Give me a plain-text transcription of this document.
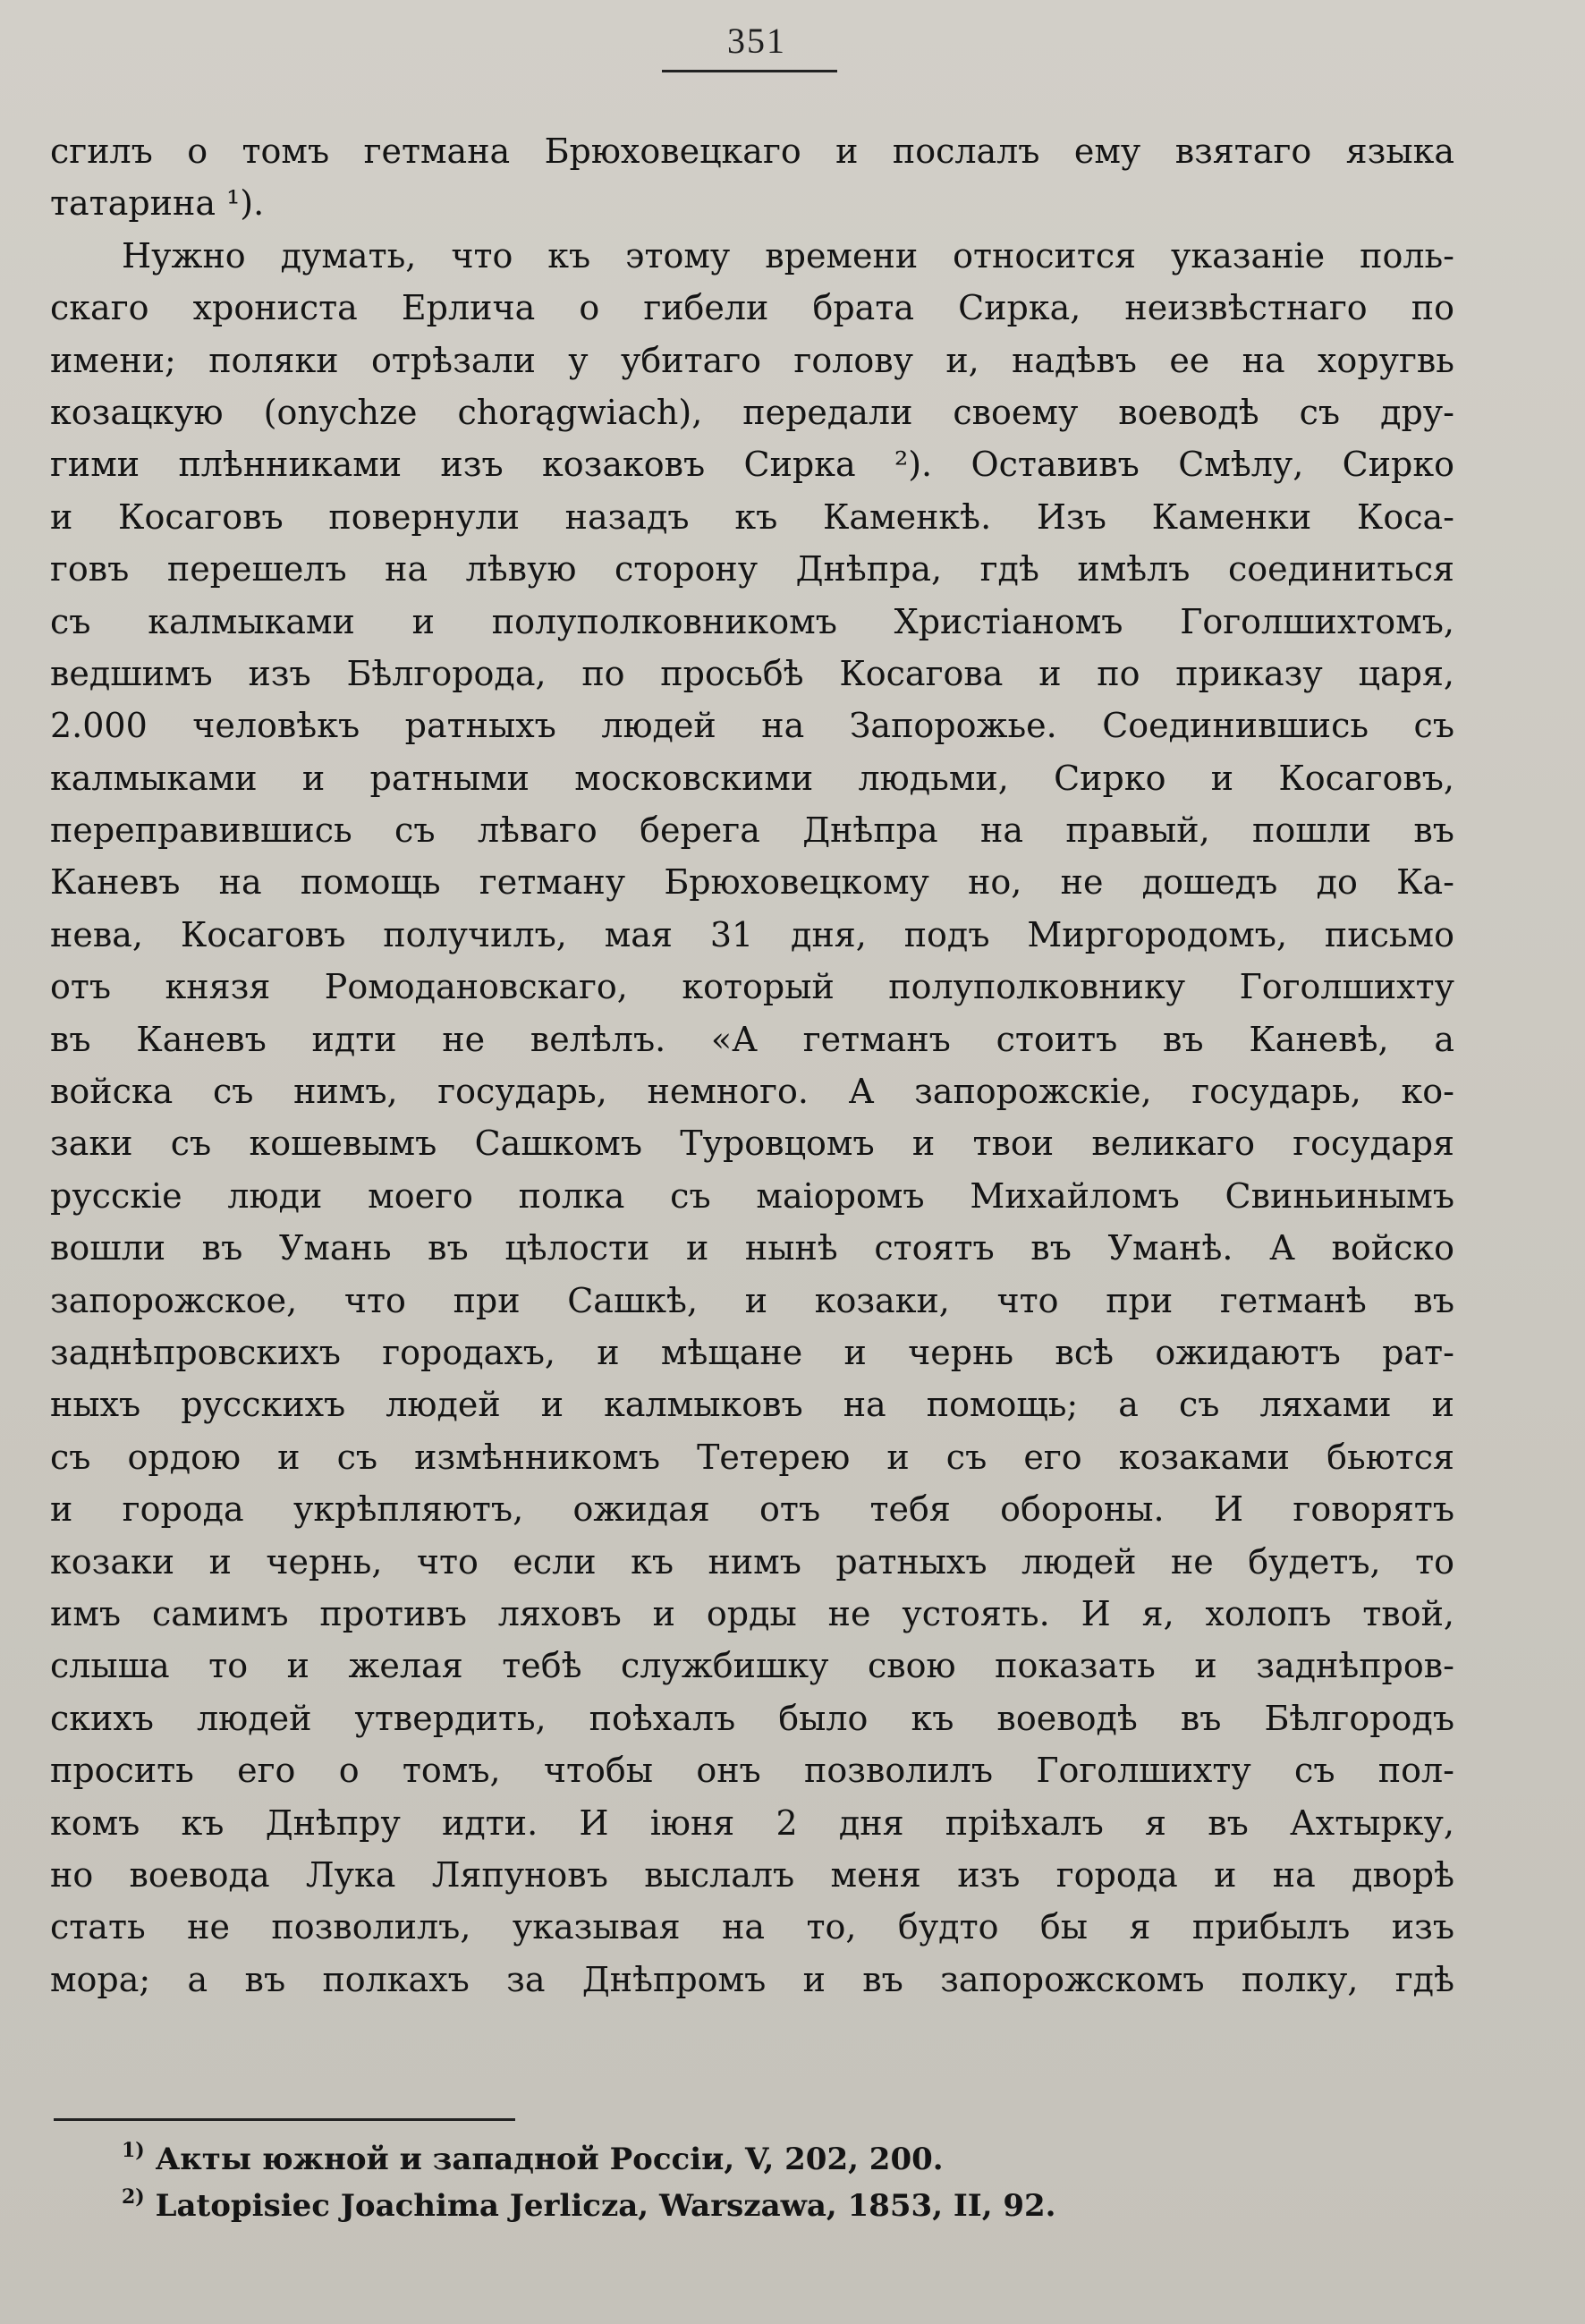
351
сгилъ о томъ гетмана Брюховецкаго и послалъ ему взятаго языка
татарина ¹).
Нужно думать, что къ этому времени относится указаніе поль-
скаго хрониста Ерлича о гибели брата Сирка, неизвѣстнаго по
имени; поляки отрѣзали у убитаго голову и, надѣвъ ее на хоругвь
козацкую (onychze chorągwiach), передали своему воеводѣ съ дру-
гими плѣнниками изъ козаковъ Сирка ²). Оставивъ Смѣлу, Сирко
и Косаговъ повернули назадъ къ Каменкѣ. Изъ Каменки Коса-
говъ перешелъ на лѣвую сторону Днѣпра, гдѣ имѣлъ соединиться
съ калмыками и полуполковникомъ Христіаномъ Гоголшихтомъ,
ведшимъ изъ Бѣлгорода, по просьбѣ Косагова и по приказу царя,
2.000 человѣкъ ратныхъ людей на Запорожье. Соединившись съ
калмыками и ратными московскими людьми, Сирко и Косаговъ,
переправившись съ лѣваго берега Днѣпра на правый, пошли въ
Каневъ на помощь гетману Брюховецкому но, не дошедъ до Ка-
нева, Косаговъ получилъ, мая 31 дня, подъ Миргородомъ, письмо
отъ князя Ромодановскаго, который полуполковнику Гоголшихту
въ Каневъ идти не велѣлъ. «А гетманъ стоитъ въ Каневѣ, а
войска съ нимъ, государь, немного. А запорожскіе, государь, ко-
заки съ кошевымъ Сашкомъ Туровцомъ и твои великаго государя
русскіе люди моего полка съ маіоромъ Михайломъ Свиньинымъ
вошли въ Умань въ цѣлости и нынѣ стоятъ въ Уманѣ. А войско
запорожское, что при Сашкѣ, и козаки, что при гетманѣ въ
заднѣпровскихъ городахъ, и мѣщане и чернь всѣ ожидаютъ рат-
ныхъ русскихъ людей и калмыковъ на помощь; а съ ляхами и
съ ордою и съ измѣнникомъ Тетерею и съ его козаками бьются
и города укрѣпляютъ, ожидая отъ тебя обороны. И говорятъ
козаки и чернь, что если къ нимъ ратныхъ людей не будетъ, то
имъ самимъ противъ ляховъ и орды не устоять. И я, холопъ твой,
слыша то и желая тебѣ службишку свою показать и заднѣпров-
скихъ людей утвердить, поѣхалъ было къ воеводѣ въ Бѣлгородъ
просить его о томъ, чтобы онъ позволилъ Гоголшихту съ пол-
комъ къ Днѣпру идти. И іюня 2 дня пріѣхалъ я въ Ахтырку,
но воевода Лука Ляпуновъ выслалъ меня изъ города и на дворѣ
стать не позволилъ, указывая на то, будто бы я прибылъ изъ
мора; а въ полкахъ за Днѣпромъ и въ запорожскомъ полку, гдѣ
$^{1)}$ Акты южной и западной Россіи, V, 202, 200.
$^{2)}$ Latopisiec Joachima Jerlicza, Warszawa, 1853, II, 92.
